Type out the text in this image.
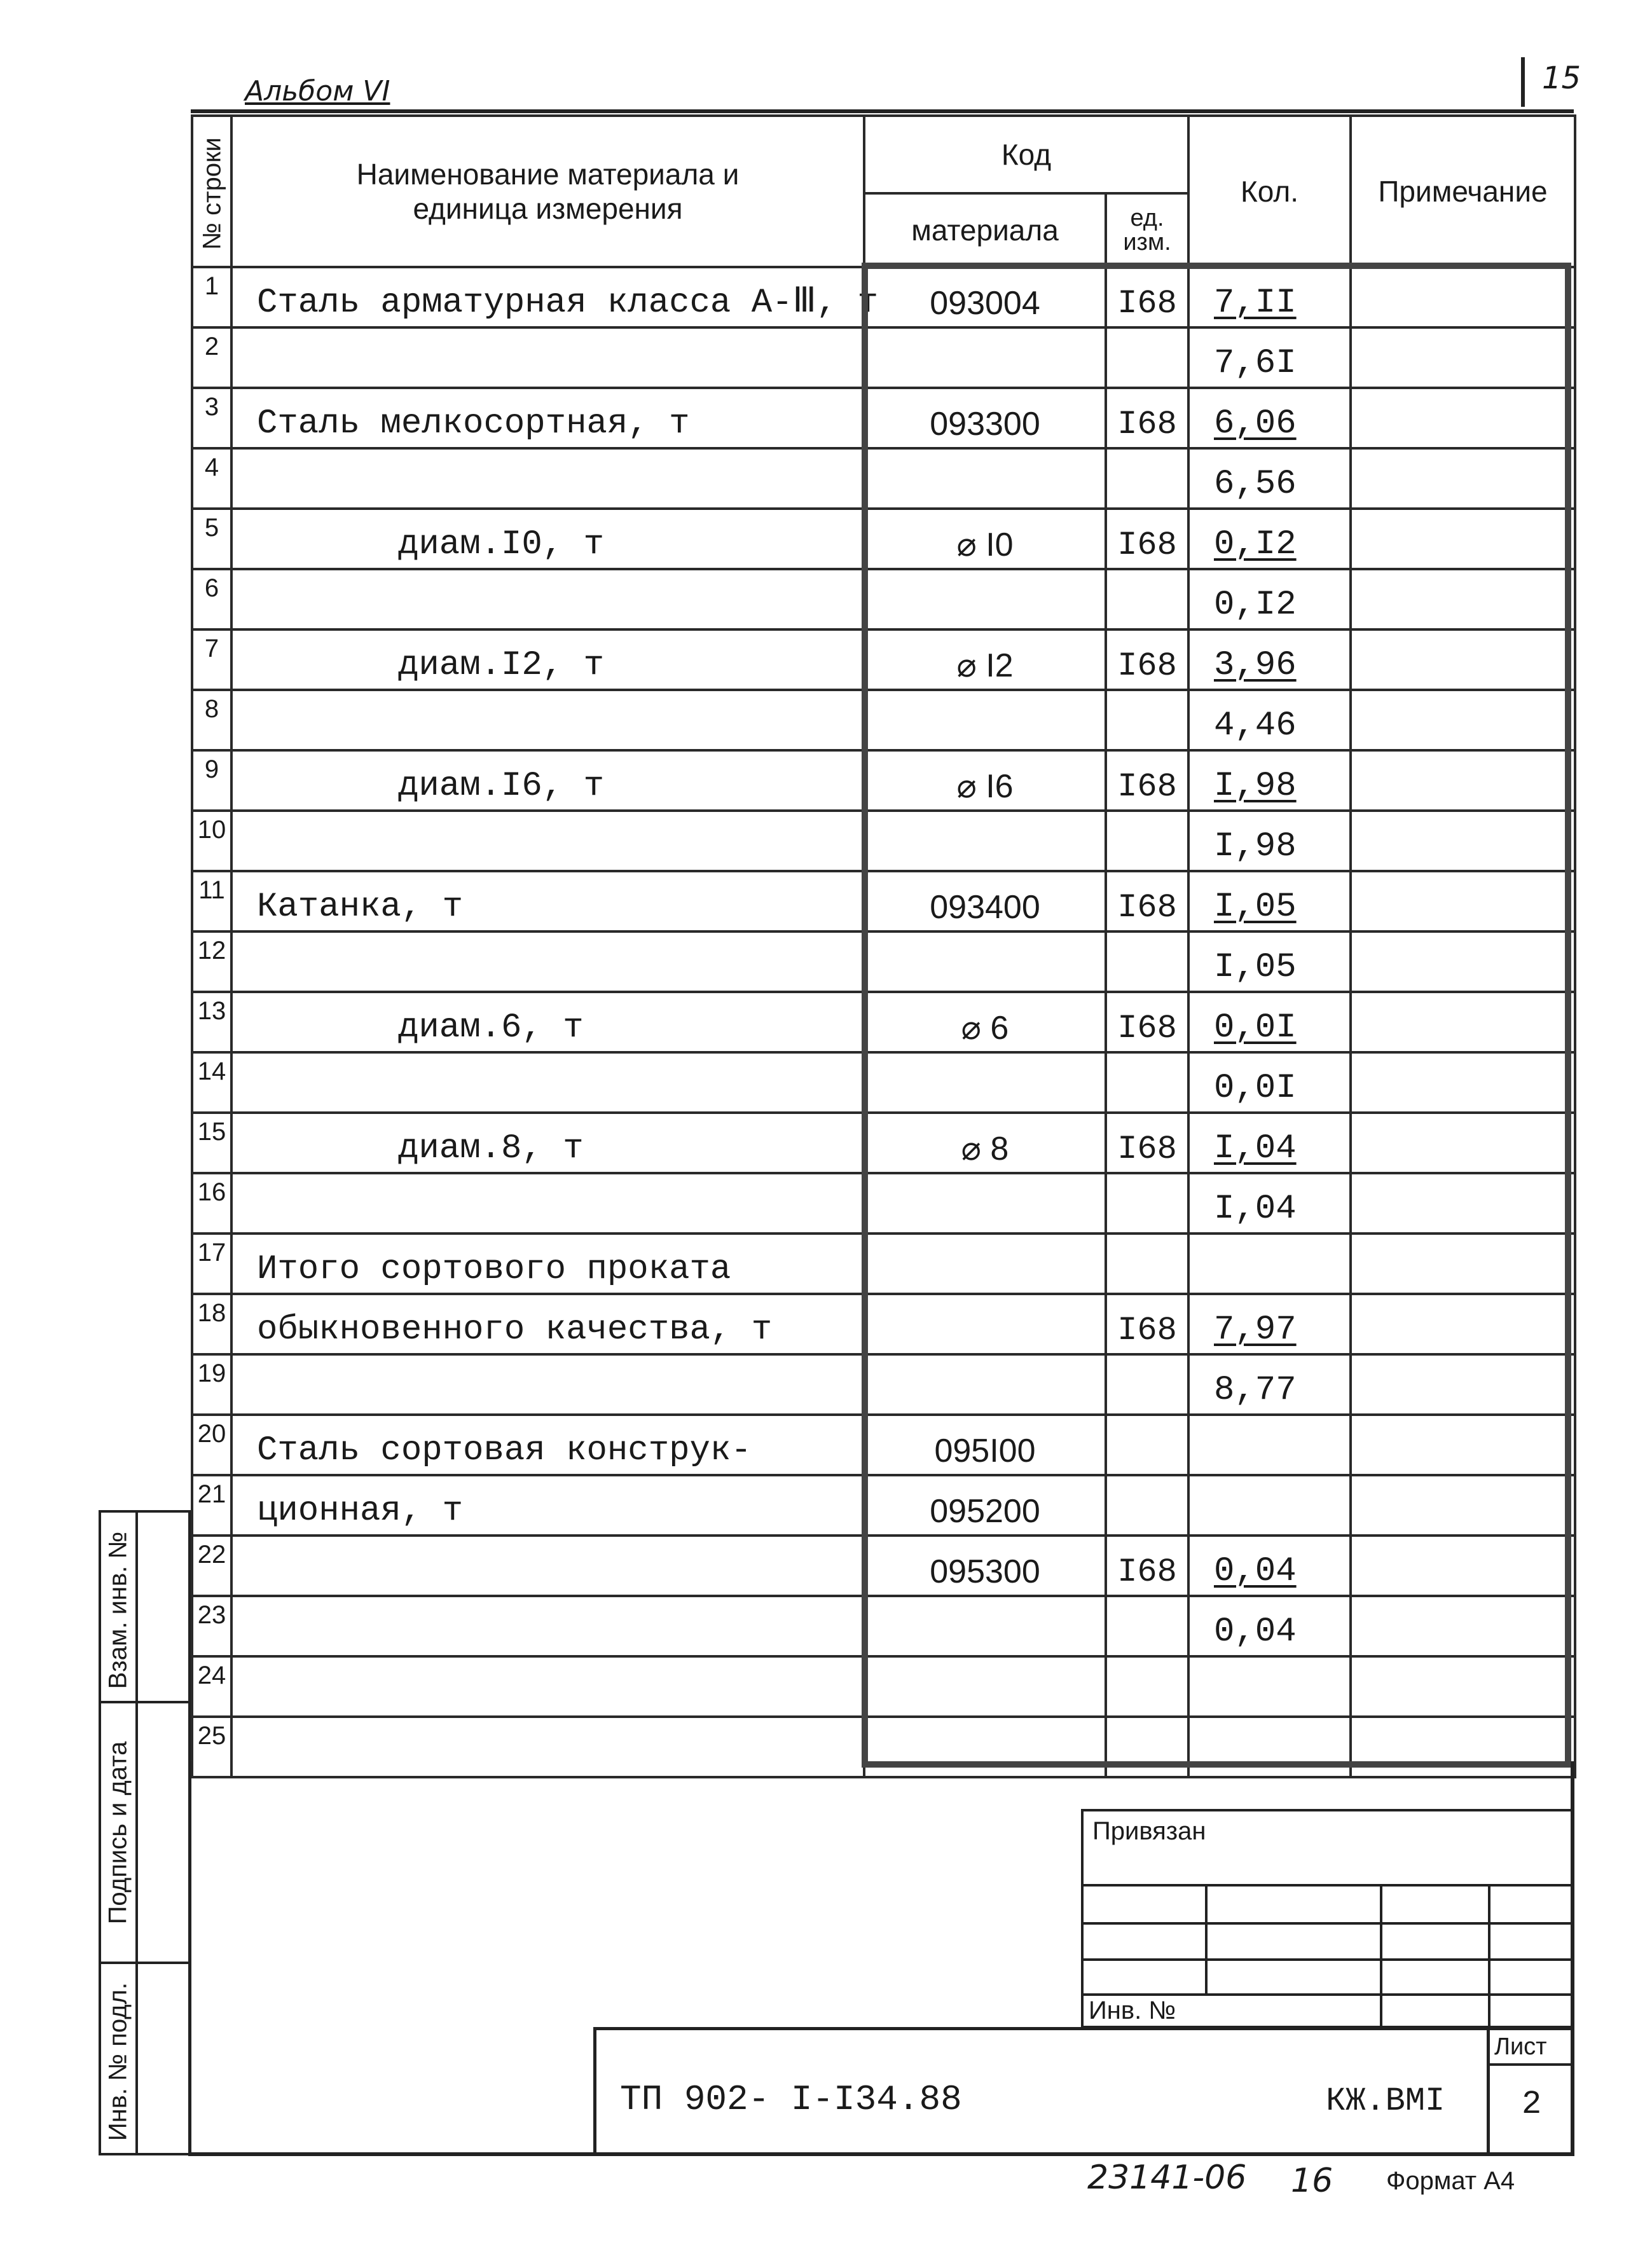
Альбом VI	15
№ строки	Наименование материала и единица измерения	Код		Кол.	Примечание
		материала	ед. изм.		
1	Сталь арматурная класса А-Ⅲ, т	093004	I68	7,II	
2				7,6I	
3	Сталь мелкосортная, т	093300	I68	6,06	
4				6,56	
5	диам.I0, т	⌀ I0	I68	0,I2	
6				0,I2	
7	диам.I2, т	⌀ I2	I68	3,96	
8				4,46	
9	диам.I6, т	⌀ I6	I68	I,98	
10				I,98	
11	Катанка, т	093400	I68	I,05	
12				I,05	
13	диам.6, т	⌀ 6	I68	0,0I	
14				0,0I	
15	диам.8, т	⌀ 8	I68	I,04	
16				I,04	
17	Итого сортового проката				
18	обыкновенного качества, т		I68	7,97	
19				8,77	
20	Сталь сортовая конструк-	095I00			
21	ционная, т	095200			
22		095300	I68	0,04	
23				0,04	
24					
25					
Взам. инв. №
Подпись и дата
Инв. № подл.
Привязан
Инв. №
Лист
ТП 902- I-I34.88	КЖ.ВМI 2
23141-06 16 Формат А4
